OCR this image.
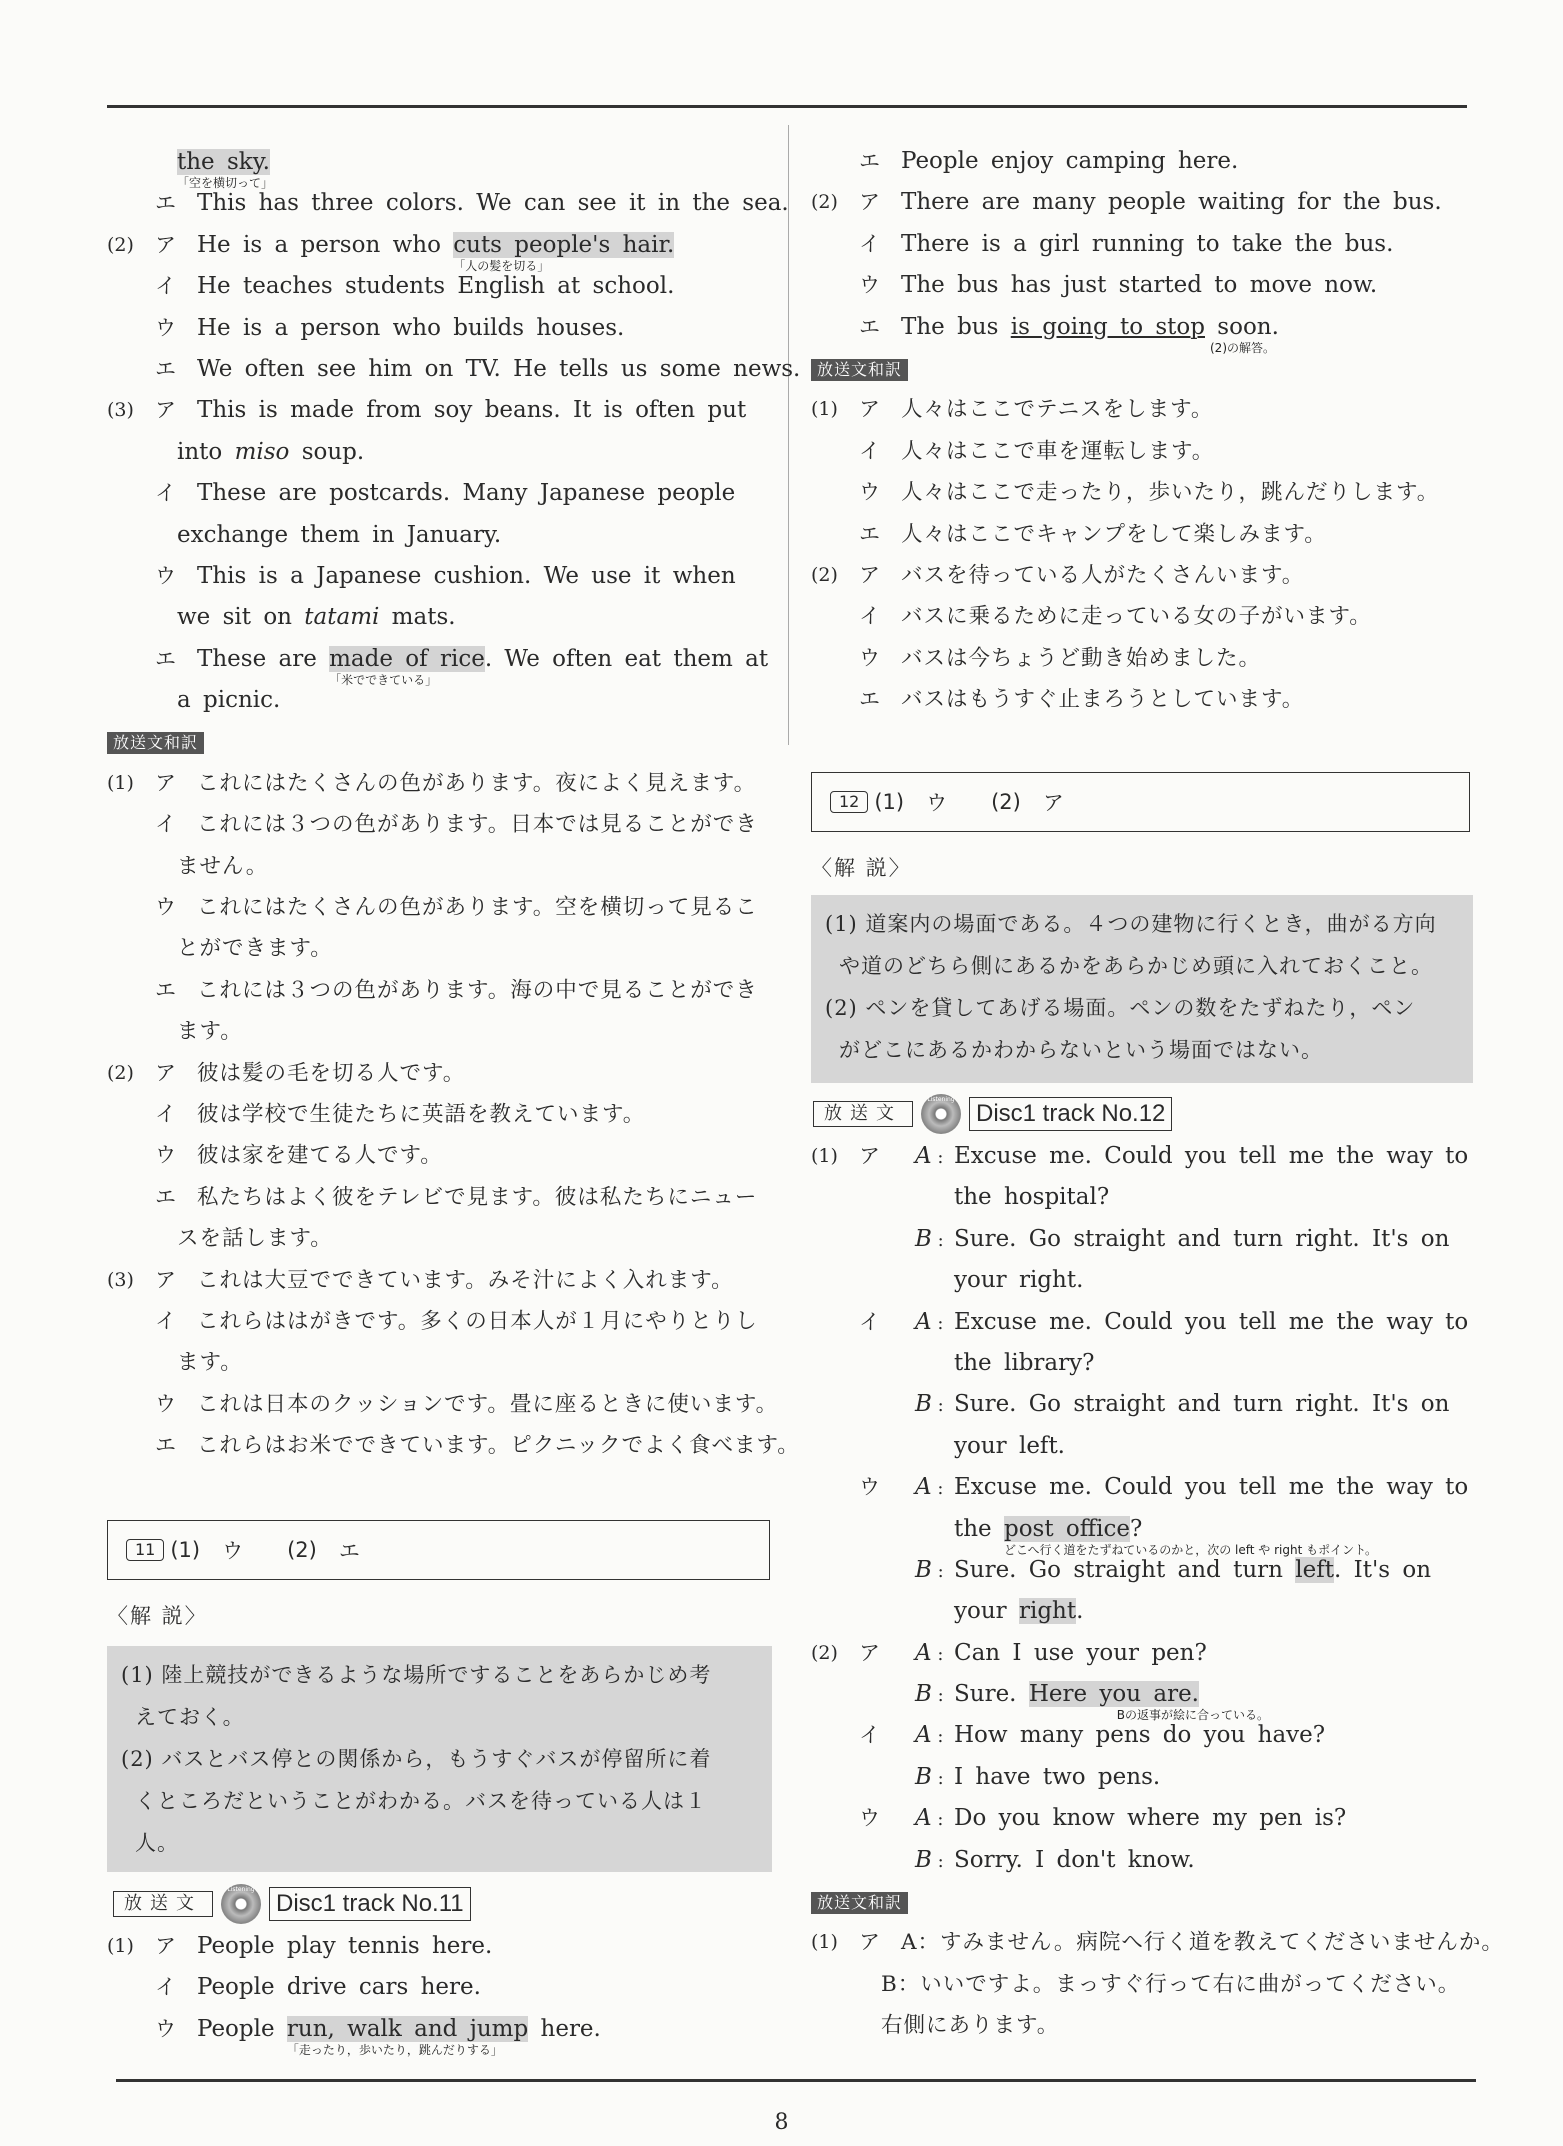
the sky.
「空を横切って」
エ This has three colors. We can see it in the sea.
(2) ア He is a person who cuts people's hair.
「人の髪を切る」
イ He teaches students English at school.
ウ He is a person who builds houses.
エ We often see him on TV. He tells us some news.
(3) ア This is made from soy beans. It is often put
into miso soup.
イ These are postcards. Many Japanese people
exchange them in January.
ウ This is a Japanese cushion. We use it when
we sit on tatami mats.
エ These are made of rice
「米でできている」
. We often eat them at
a picnic.
放送文和訳
(1) ア これにはたくさんの色があります。夜によく見えます。
イ これには３つの色があります。日本では見ることができ
ません。
ウ これにはたくさんの色があります。空を横切って見るこ
とができます。
エ これには３つの色があります。海の中で見ることができ
ます。
(2) ア 彼は髪の毛を切る人です。
イ 彼は学校で生徒たちに英語を教えています。
ウ 彼は家を建てる人です。
エ 私たちはよく彼をテレビで見ます。彼は私たちにニュー
スを話します。
(3) ア これは大豆でできています。みそ汁によく入れます。
イ これらははがきです。多くの日本人が１月にやりとりし
ます。
ウ これは日本のクッションです。畳に座るときに使います。
エ これらはお米でできています。ピクニックでよく食べます。
11 (1) ウ (2) エ
〈解 説〉
(1) 陸上競技ができるような場所ですることをあらかじめ考
えておく。
(2) バスとバス停との関係から，もうすぐバスが停留所に着
くところだということがわかる。バスを待っている人は１
人。
放送文
Listening
Disc1 track No.11
(1) ア People play tennis here.
イ People drive cars here.
ウ People run, walk and jump
「走ったり，歩いたり，跳んだりする」
here.
エ People enjoy camping here.
(2) ア There are many people waiting for the bus.
イ There is a girl running to take the bus.
ウ The bus has just started to move now.
エ The bus is going to stop
(2)の解答。
soon.
放送文和訳
(1) ア 人々はここでテニスをします。
イ 人々はここで車を運転します。
ウ 人々はここで走ったり，歩いたり，跳んだりします。
エ 人々はここでキャンプをして楽しみます。
(2) ア バスを待っている人がたくさんいます。
イ バスに乗るために走っている女の子がいます。
ウ バスは今ちょうど動き始めました。
エ バスはもうすぐ止まろうとしています。
12 (1) ウ (2) ア
〈解 説〉
(1) 道案内の場面である。４つの建物に行くとき，曲がる方向
や道のどちら側にあるかをあらかじめ頭に入れておくこと。
(2) ペンを貸してあげる場面。ペンの数をたずねたり，ペン
がどこにあるかわからないという場面ではない。
放送文
Listening
Disc1 track No.12
(1) ア A : Excuse me. Could you tell me the way to
the hospital?
B : Sure. Go straight and turn right. It's on
your right.
イ A : Excuse me. Could you tell me the way to
the library?
B : Sure. Go straight and turn right. It's on
your left.
ウ A : Excuse me. Could you tell me the way to
the post office
どこへ行く道をたずねているのかと，次の left や right もポイント。
?
B : Sure. Go straight and turn left. It's on
your right.
(2) ア A : Can I use your pen?
B : Sure. Here you are.
Bの返事が絵に合っている。
イ A : How many pens do you have?
B : I have two pens.
ウ A : Do you know where my pen is?
B : Sorry. I don't know.
放送文和訳
(1) ア A：すみません。病院へ行く道を教えてくださいませんか。
B：いいですよ。まっすぐ行って右に曲がってください。
右側にあります。
8
